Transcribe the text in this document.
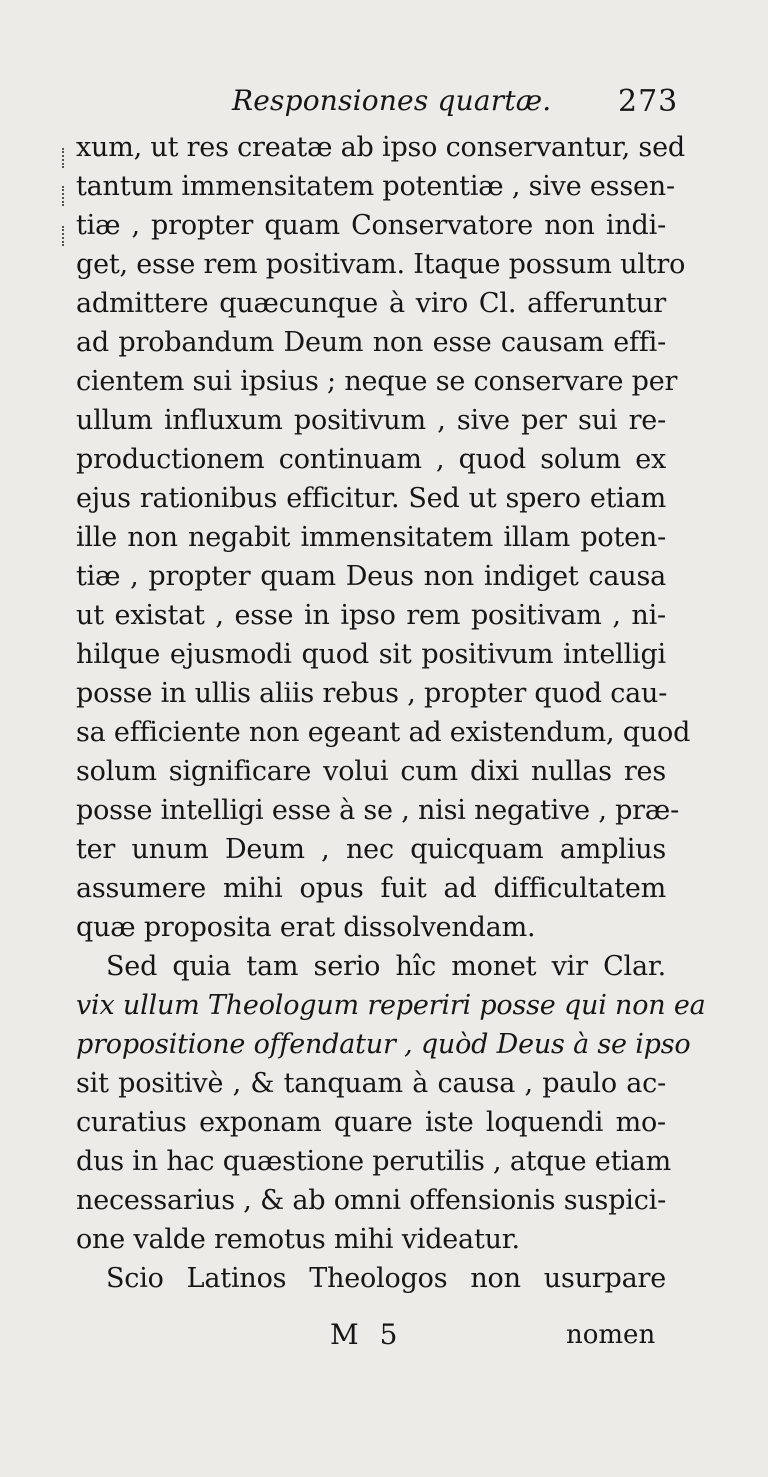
Responsiones quartæ. 273
xum, ut res creatæ ab ipso conservantur, sed
tantum immensitatem potentiæ , sive essen-
tiæ , propter quam Conservatore non indi-
get, esse rem positivam. Itaque possum ultro
admittere quæcunque à viro Cl. afferuntur
ad probandum Deum non esse causam effi-
cientem sui ipsius ; neque se conservare per
ullum influxum positivum , sive per sui re-
productionem continuam , quod solum ex
ejus rationibus efficitur. Sed ut spero etiam
ille non negabit immensitatem illam poten-
tiæ , propter quam Deus non indiget causa
ut existat , esse in ipso rem positivam , ni-
hilque ejusmodi quod sit positivum intelligi
posse in ullis aliis rebus , propter quod cau-
sa efficiente non egeant ad existendum, quod
solum significare volui cum dixi nullas res
posse intelligi esse à se , nisi negative , præ-
ter unum Deum , nec quicquam amplius
assumere mihi opus fuit ad difficultatem
quæ proposita erat dissolvendam.
Sed quia tam serio hîc monet vir Clar.
vix ullum Theologum reperiri posse qui non ea
propositione offendatur , quòd Deus à se ipso
sit positivè , & tanquam à causa , paulo ac-
curatius exponam quare iste loquendi mo-
dus in hac quæstione perutilis , atque etiam
necessarius , & ab omni offensionis suspici-
one valde remotus mihi videatur.
Scio Latinos Theologos non usurpare
M 5	nomen
